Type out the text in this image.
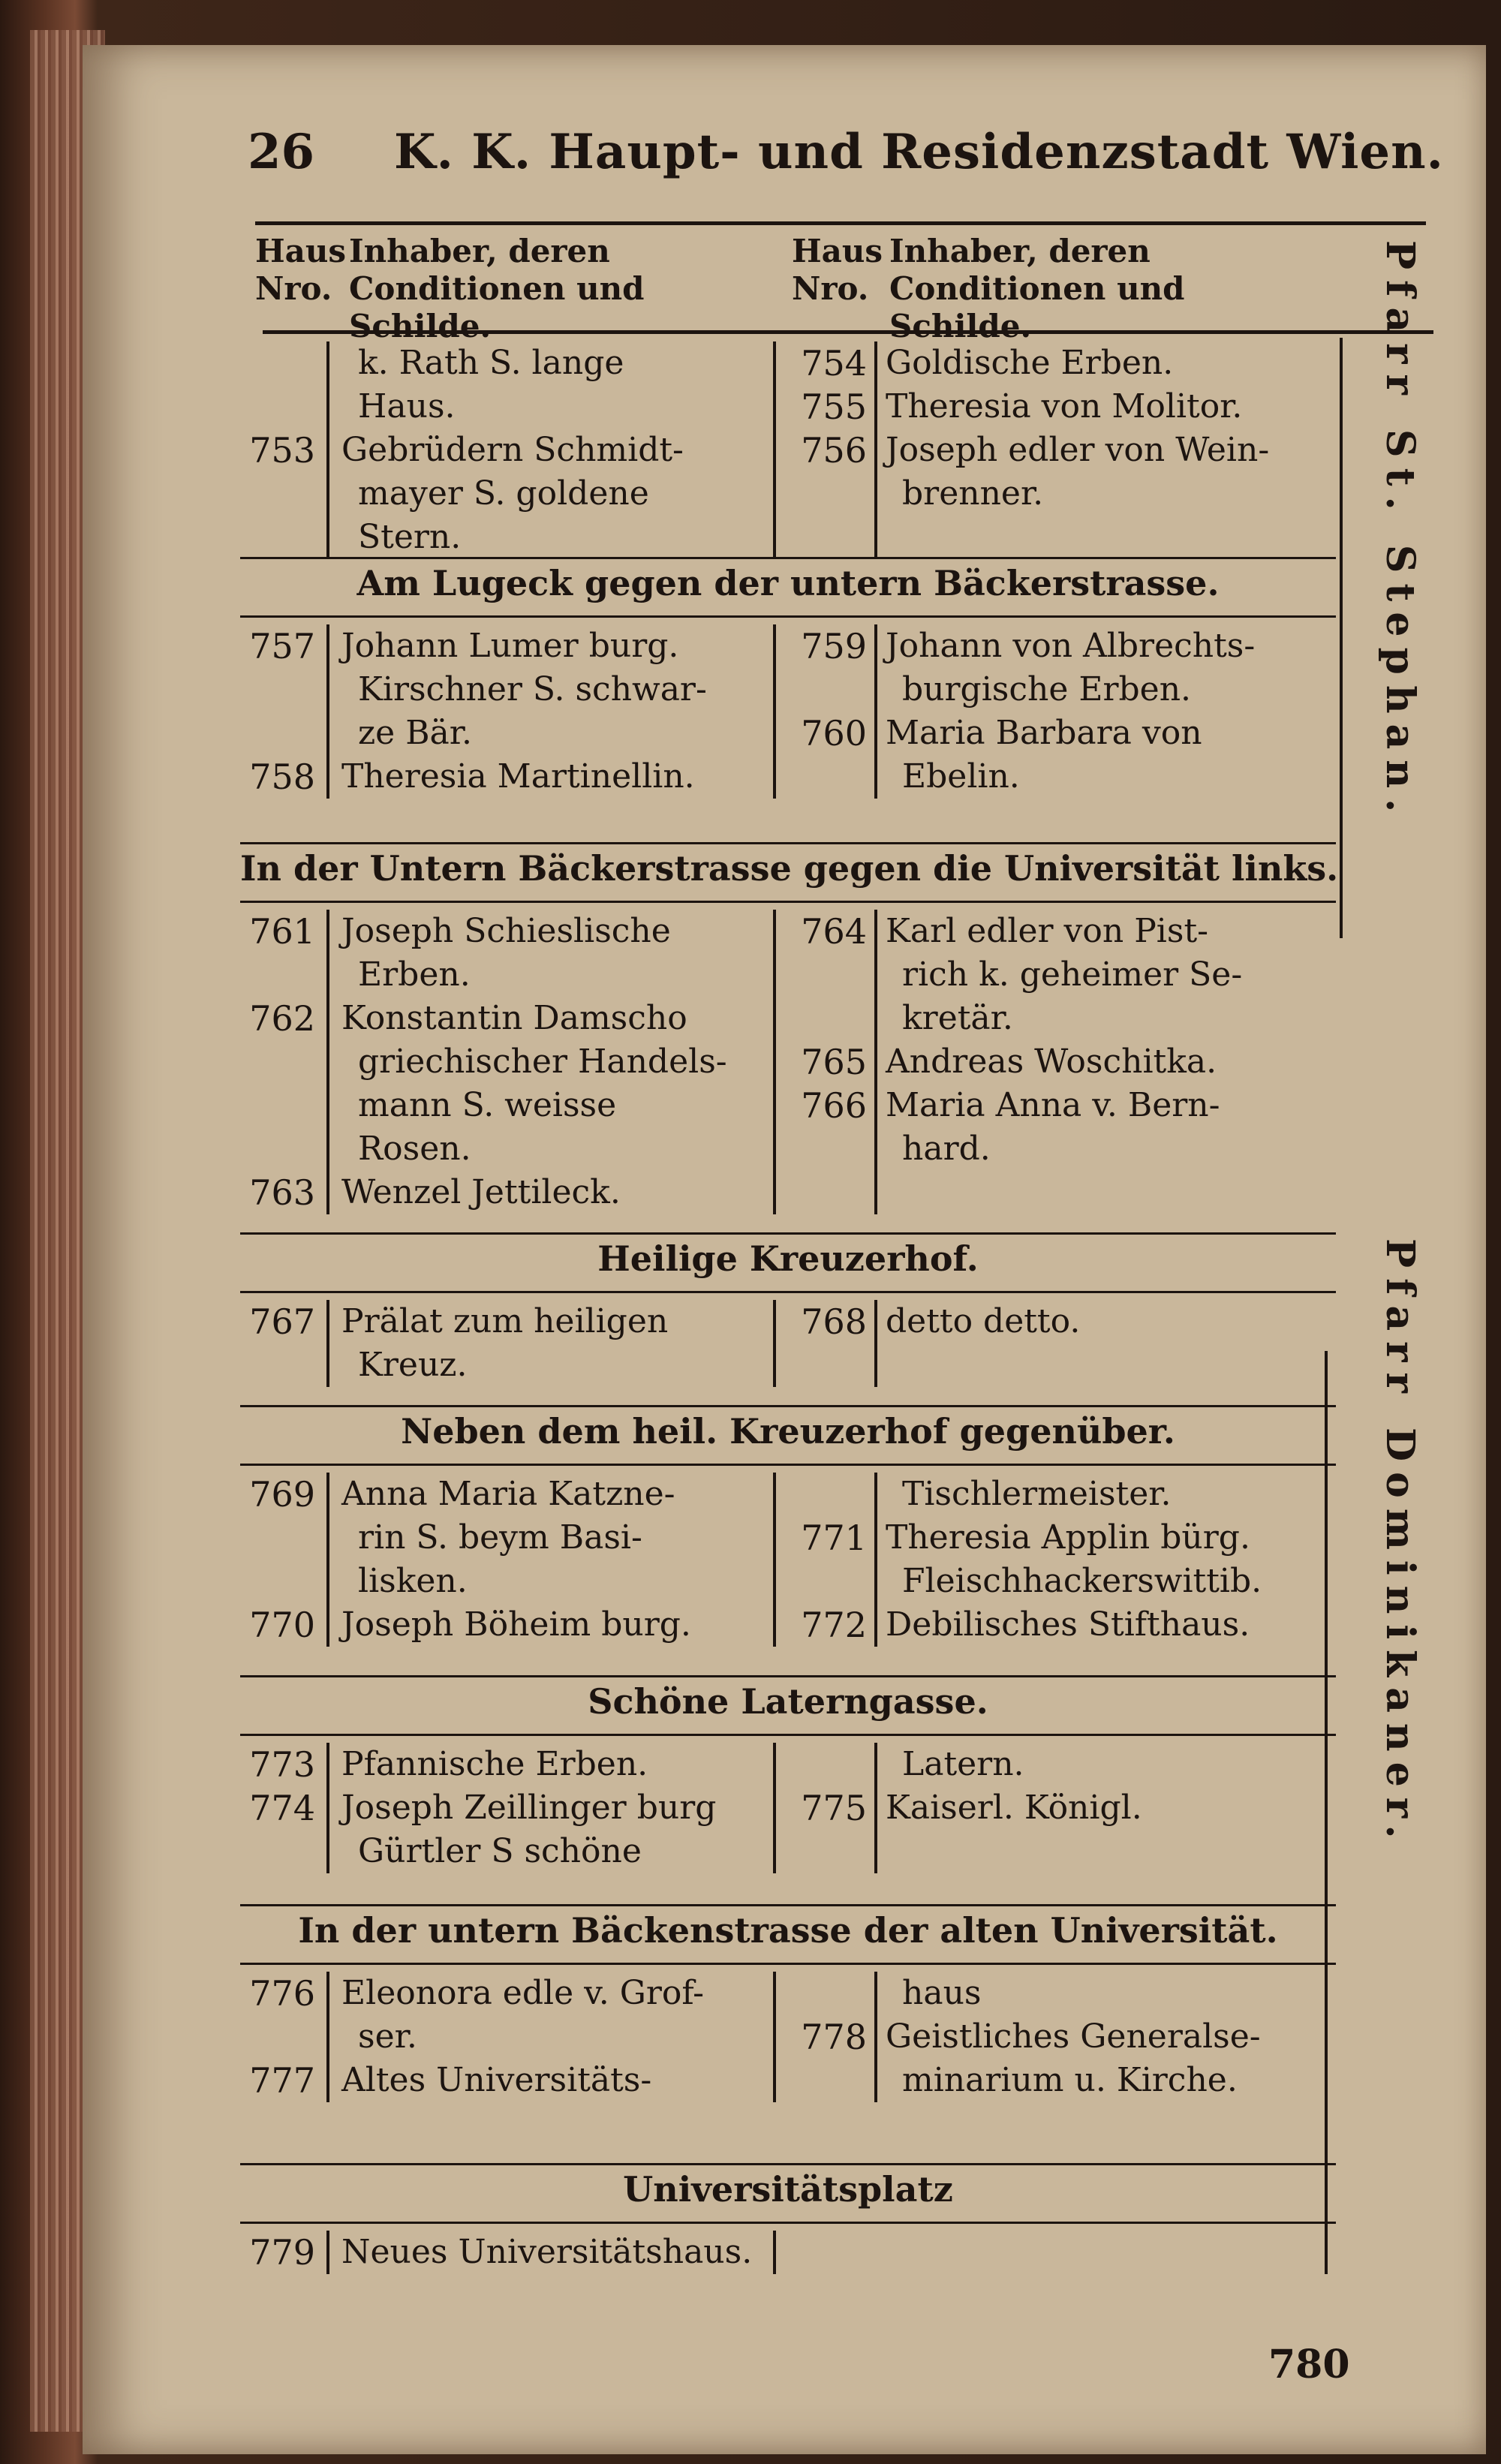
26 K. K. Haupt- und Residenzstadt Wien.
Haus Nro.
Inhaber, deren Conditionen und Schilde.
Haus Nro.
Inhaber, deren Conditionen und Schilde.	Pfarr St. Stephan.
Pfarr Dominikaner.
k. Rath S. lange
Haus.
753 Gebrüdern Schmidt-
mayer S. goldene
Stern.
754 Goldische Erben.
755 Theresia von Molitor.
756 Joseph edler von Wein-
brenner.
Am Lugeck gegen der untern Bäckerstrasse.
757 Johann Lumer burg.
Kirschner S. schwar-
ze Bär.
758 Theresia Martinellin.
759 Johann von Albrechts-
burgische Erben.
760 Maria Barbara von
Ebelin.
In der Untern Bäckerstrasse gegen die Universität links.
761 Joseph Schieslische
Erben.
762 Konstantin Damscho
griechischer Handels-
mann S. weisse
Rosen.
763 Wenzel Jettileck.
764 Karl edler von Pist-
rich k. geheimer Se-
kretär.
765 Andreas Woschitka.
766 Maria Anna v. Bern-
hard.
Heilige Kreuzerhof.
767 Prälat zum heiligen
Kreuz.
768 detto detto.
Neben dem heil. Kreuzerhof gegenüber.
769 Anna Maria Katzne-
rin S. beym Basi-
lisken.
770 Joseph Böheim burg.
Tischlermeister.
771 Theresia Applin bürg.
Fleischhackerswittib.
772 Debilisches Stifthaus.
Schöne Laterngasse.
773 Pfannische Erben.
774 Joseph Zeillinger burg
Gürtler S schöne
Latern.
775 Kaiserl. Königl.
In der untern Bäckenstrasse der alten Universität.
776 Eleonora edle v. Grof-
ser.
777 Altes Universitäts-
haus
778 Geistliches Generalse-
minarium u. Kirche.
Universitätsplatz
779 Neues Universitätshaus.
780
